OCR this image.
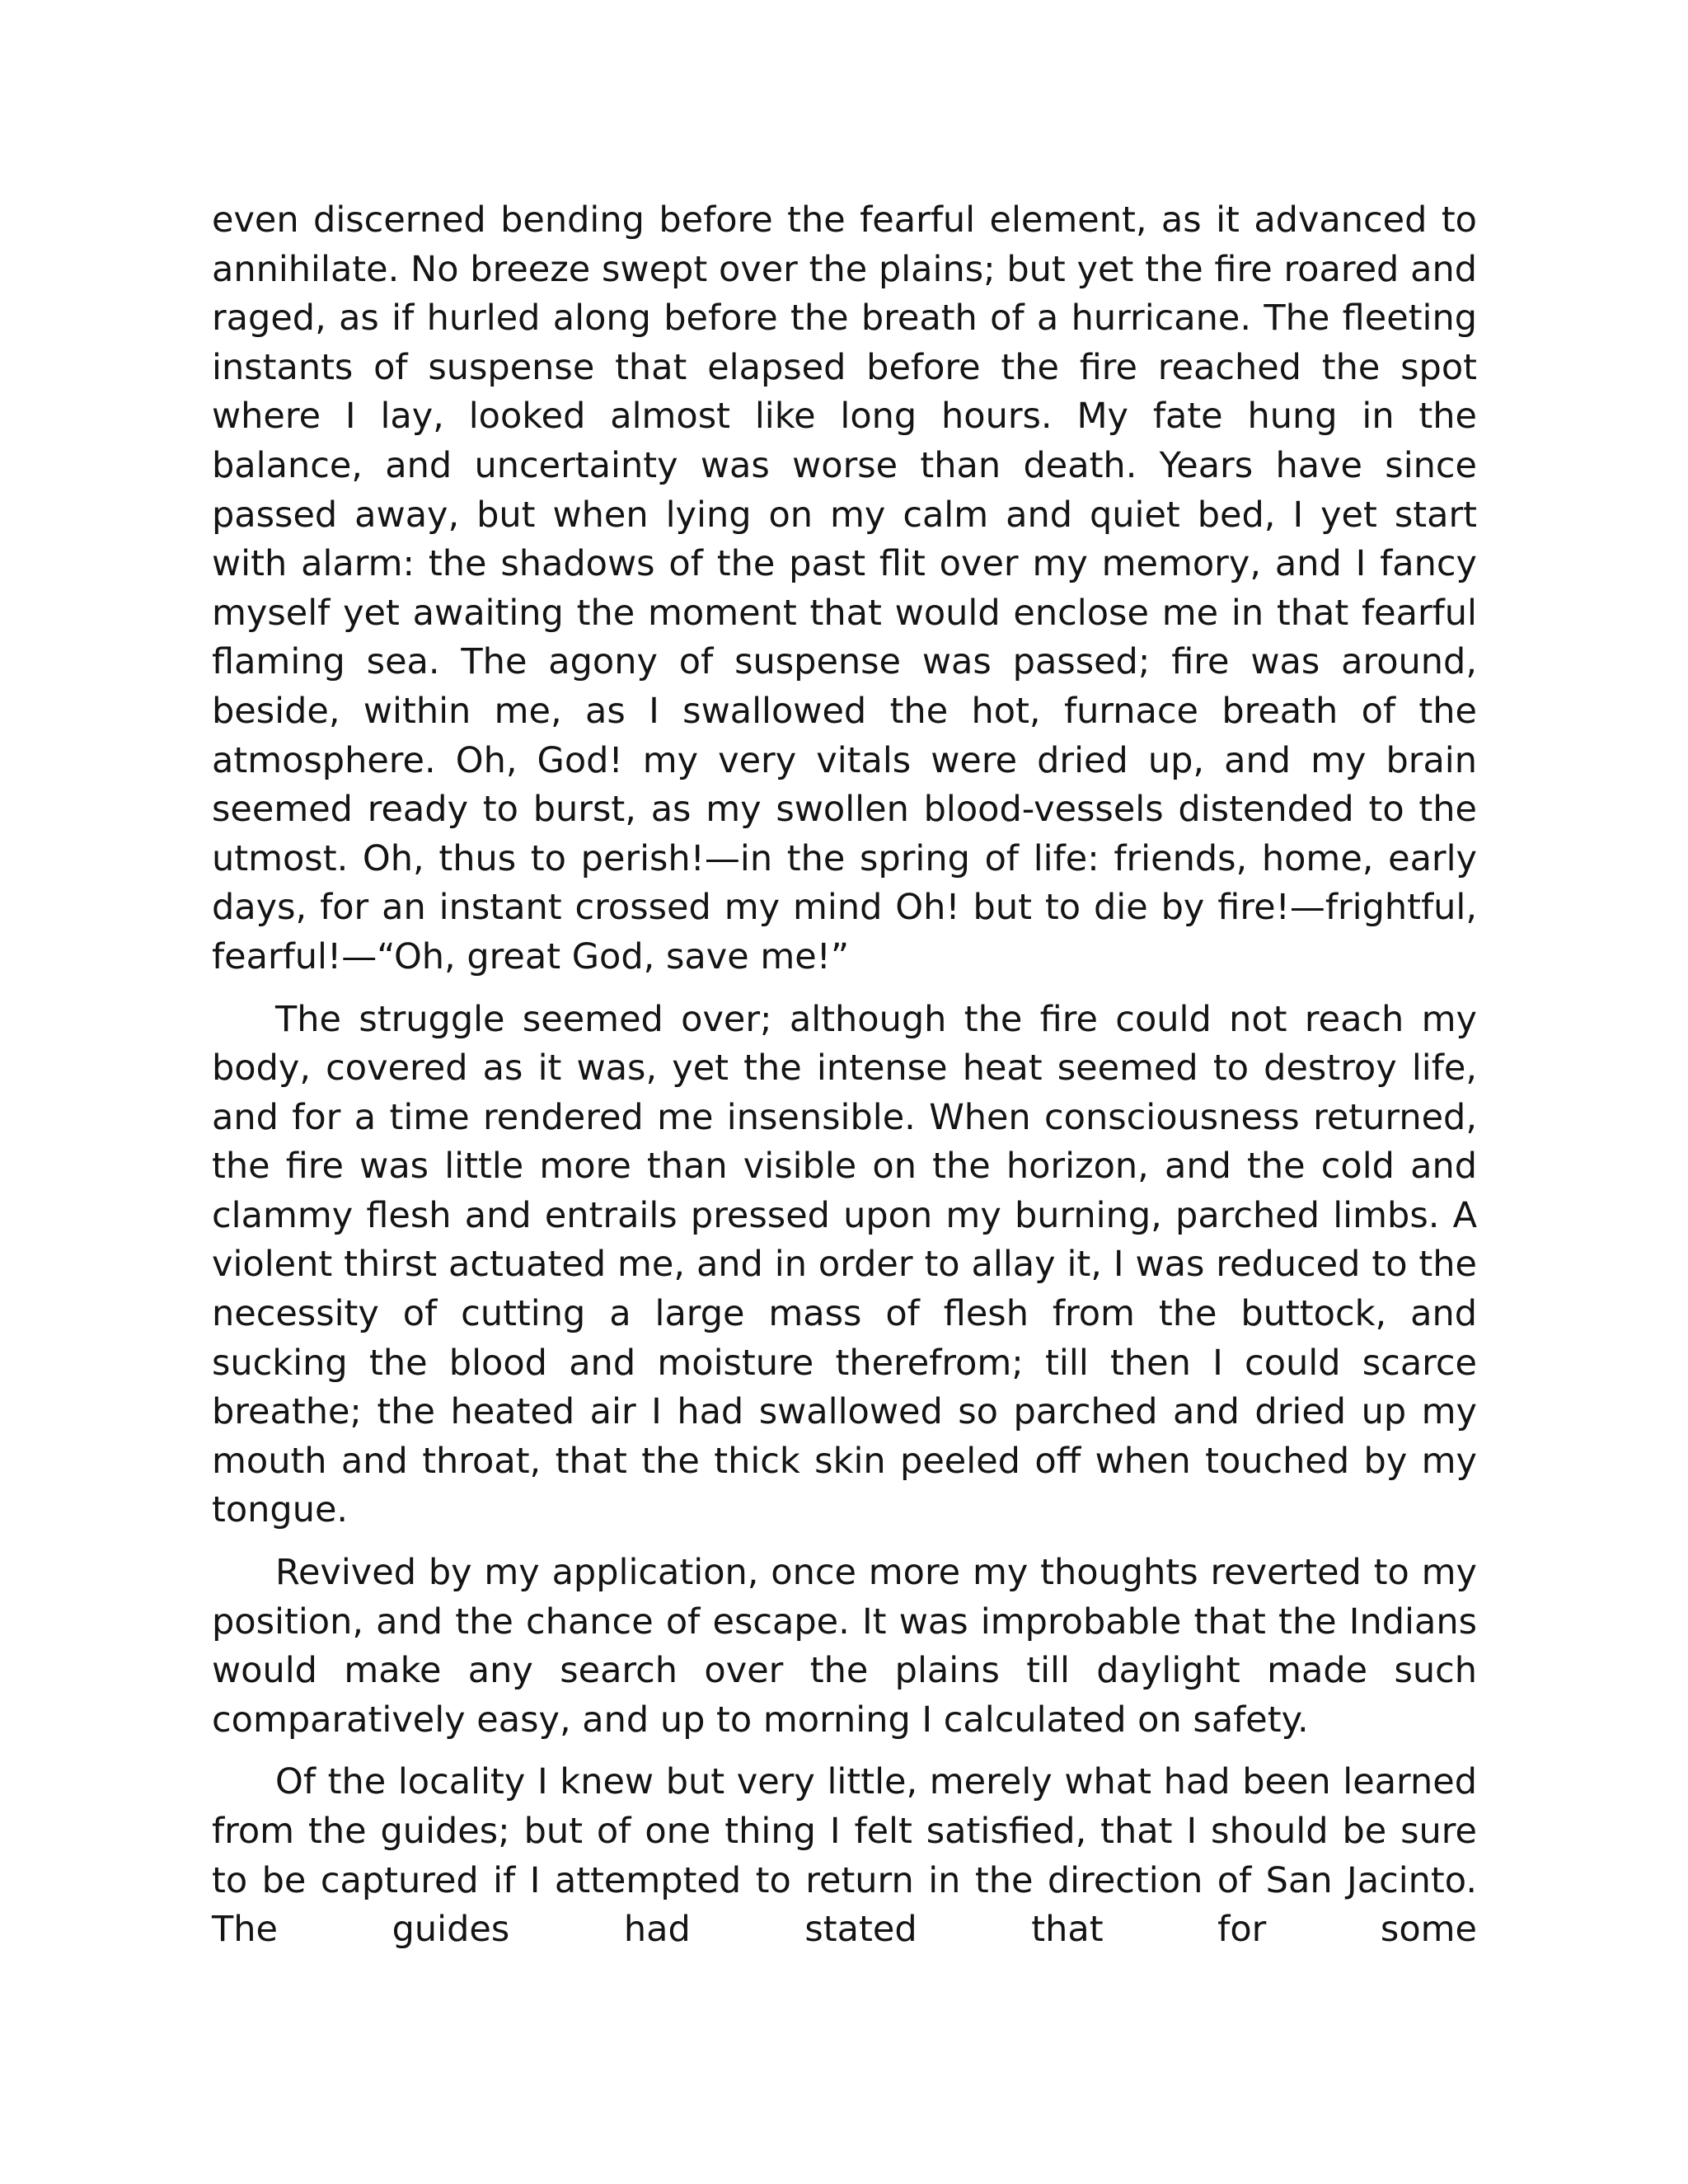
even discerned bending before the fearful element, as it advanced to annihilate. No breeze swept over the plains; but yet the fire roared and raged, as if hurled along before the breath of a hurricane. The fleeting instants of suspense that elapsed before the fire reached the spot where I lay, looked almost like long hours. My fate hung in the balance, and uncertainty was worse than death. Years have since passed away, but when lying on my calm and quiet bed, I yet start with alarm: the shadows of the past flit over my memory, and I fancy myself yet awaiting the moment that would enclose me in that fearful flaming sea. The agony of suspense was passed; fire was around, beside, within me, as I swallowed the hot, furnace breath of the atmosphere. Oh, God! my very vitals were dried up, and my brain seemed ready to burst, as my swollen blood-vessels distended to the utmost. Oh, thus to perish!—in the spring of life: friends, home, early days, for an instant crossed my mind Oh! but to die by fire!—frightful, fearful!—“Oh, great God, save me!”

The struggle seemed over; although the fire could not reach my body, covered as it was, yet the intense heat seemed to destroy life, and for a time rendered me insensible. When consciousness returned, the fire was little more than visible on the horizon, and the cold and clammy flesh and entrails pressed upon my burning, parched limbs. A violent thirst actuated me, and in order to allay it, I was reduced to the necessity of cutting a large mass of flesh from the buttock, and sucking the blood and moisture therefrom; till then I could scarce breathe; the heated air I had swallowed so parched and dried up my mouth and throat, that the thick skin peeled off when touched by my tongue.

Revived by my application, once more my thoughts reverted to my position, and the chance of escape. It was improbable that the Indians would make any search over the plains till daylight made such comparatively easy, and up to morning I calculated on safety.

Of the locality I knew but very little, merely what had been learned from the guides; but of one thing I felt satisfied, that I should be sure to be captured if I attempted to return in the direction of San Jacinto. The guides had stated that for some
